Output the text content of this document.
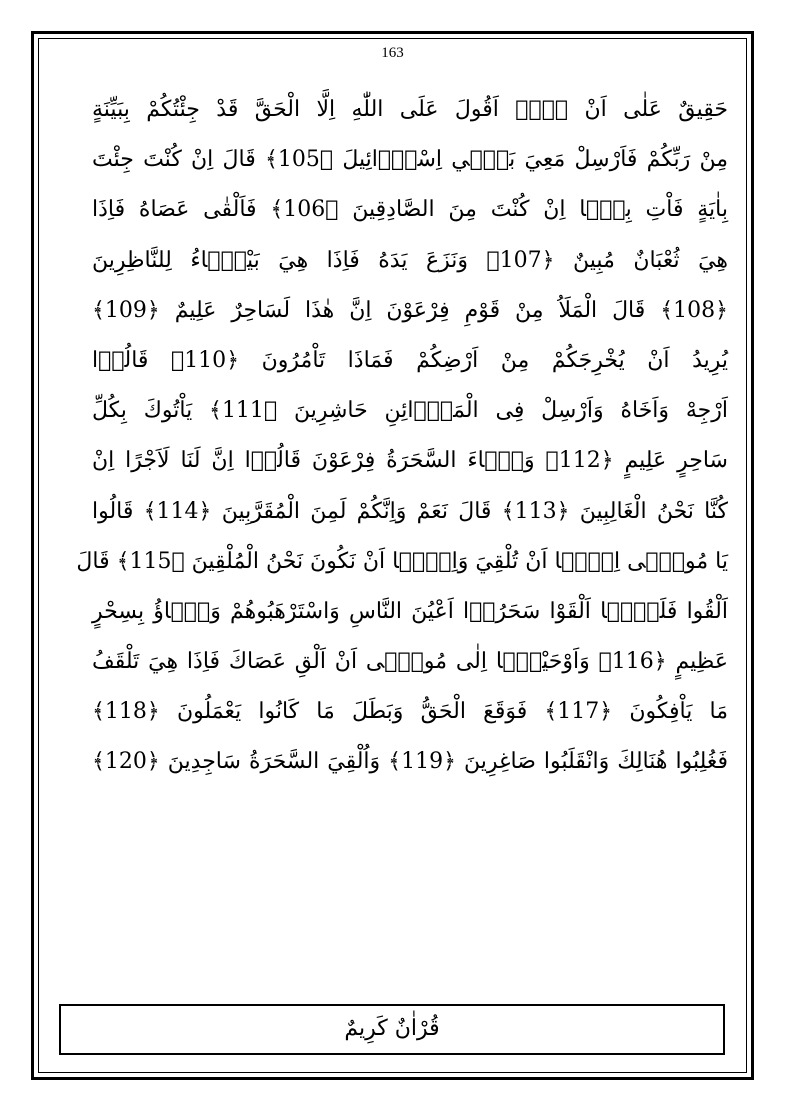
163
حَقِيقٌ عَلٰى اَنْ لَاۤ اَقُولَ عَلَى اللّٰهِ اِلَّا الْحَقَّ قَدْ جِئْتُكُمْ بِبَيِّنَةٍ
مِنْ رَبِّكُمْ فَاَرْسِلْ مَعِيَ بَنِۤي اِسْرَۤائِيلَ ﴿105﴾ قَالَ اِنْ كُنْتَ جِئْتَ
بِاٰيَةٍ فَاْتِ بِهَۤا اِنْ كُنْتَ مِنَ الصَّادِقِينَ ﴿106﴾ فَاَلْقٰى عَصَاهُ فَاِذَا
هِيَ ثُعْبَانٌ مُبِينٌ ﴿107﴾ وَنَزَعَ يَدَهُ فَاِذَا هِيَ بَيْضَۤاءُ لِلنَّاظِرِينَ
﴿108﴾ قَالَ الْمَلَاُ مِنْ قَوْمِ فِرْعَوْنَ اِنَّ هٰذَا لَسَاحِرٌ عَلِيمٌ ﴿109﴾
يُرِيدُ اَنْ يُخْرِجَكُمْ مِنْ اَرْضِكُمْ فَمَاذَا تَاْمُرُونَ ﴿110﴾ قَالُوۤا
اَرْجِهْ وَاَخَاهُ وَاَرْسِلْ فِى الْمَدَۤائِنِ حَاشِرِينَ ﴿111﴾ يَاْتُوكَ بِكُلِّ
سَاحِرٍ عَلِيمٍ ﴿112﴾ وَجَۤاءَ السَّحَرَةُ فِرْعَوْنَ قَالُوۤا اِنَّ لَنَا لَاَجْرًا اِنْ
كُنَّا نَحْنُ الْغَالِبِينَ ﴿113﴾ قَالَ نَعَمْ وَاِنَّكُمْ لَمِنَ الْمُقَرَّبِينَ ﴿114﴾ قَالُوا
يَا مُوسٰۤى اِمَّۤا اَنْ تُلْقِيَ وَاِمَّۤا اَنْ نَكُونَ نَحْنُ الْمُلْقِينَ ﴿115﴾ قَالَ
اَلْقُوا فَلَمَّۤا اَلْقَوْا سَحَرُوۤا اَعْيُنَ النَّاسِ وَاسْتَرْهَبُوهُمْ وَجَۤاؤُ بِسِحْرٍ
عَظِيمٍ ﴿116﴾ وَاَوْحَيْنَۤا اِلٰى مُوسٰۤى اَنْ اَلْقِ عَصَاكَ فَاِذَا هِيَ تَلْقَفُ
مَا يَاْفِكُونَ ﴿117﴾ فَوَقَعَ الْحَقُّ وَبَطَلَ مَا كَانُوا يَعْمَلُونَ ﴿118﴾
فَغُلِبُوا هُنَالِكَ وَانْقَلَبُوا صَاغِرِينَ ﴿119﴾ وَاُلْقِيَ السَّحَرَةُ سَاجِدِينَ ﴿120﴾
قُرْاٰنٌ كَرِيمٌ
